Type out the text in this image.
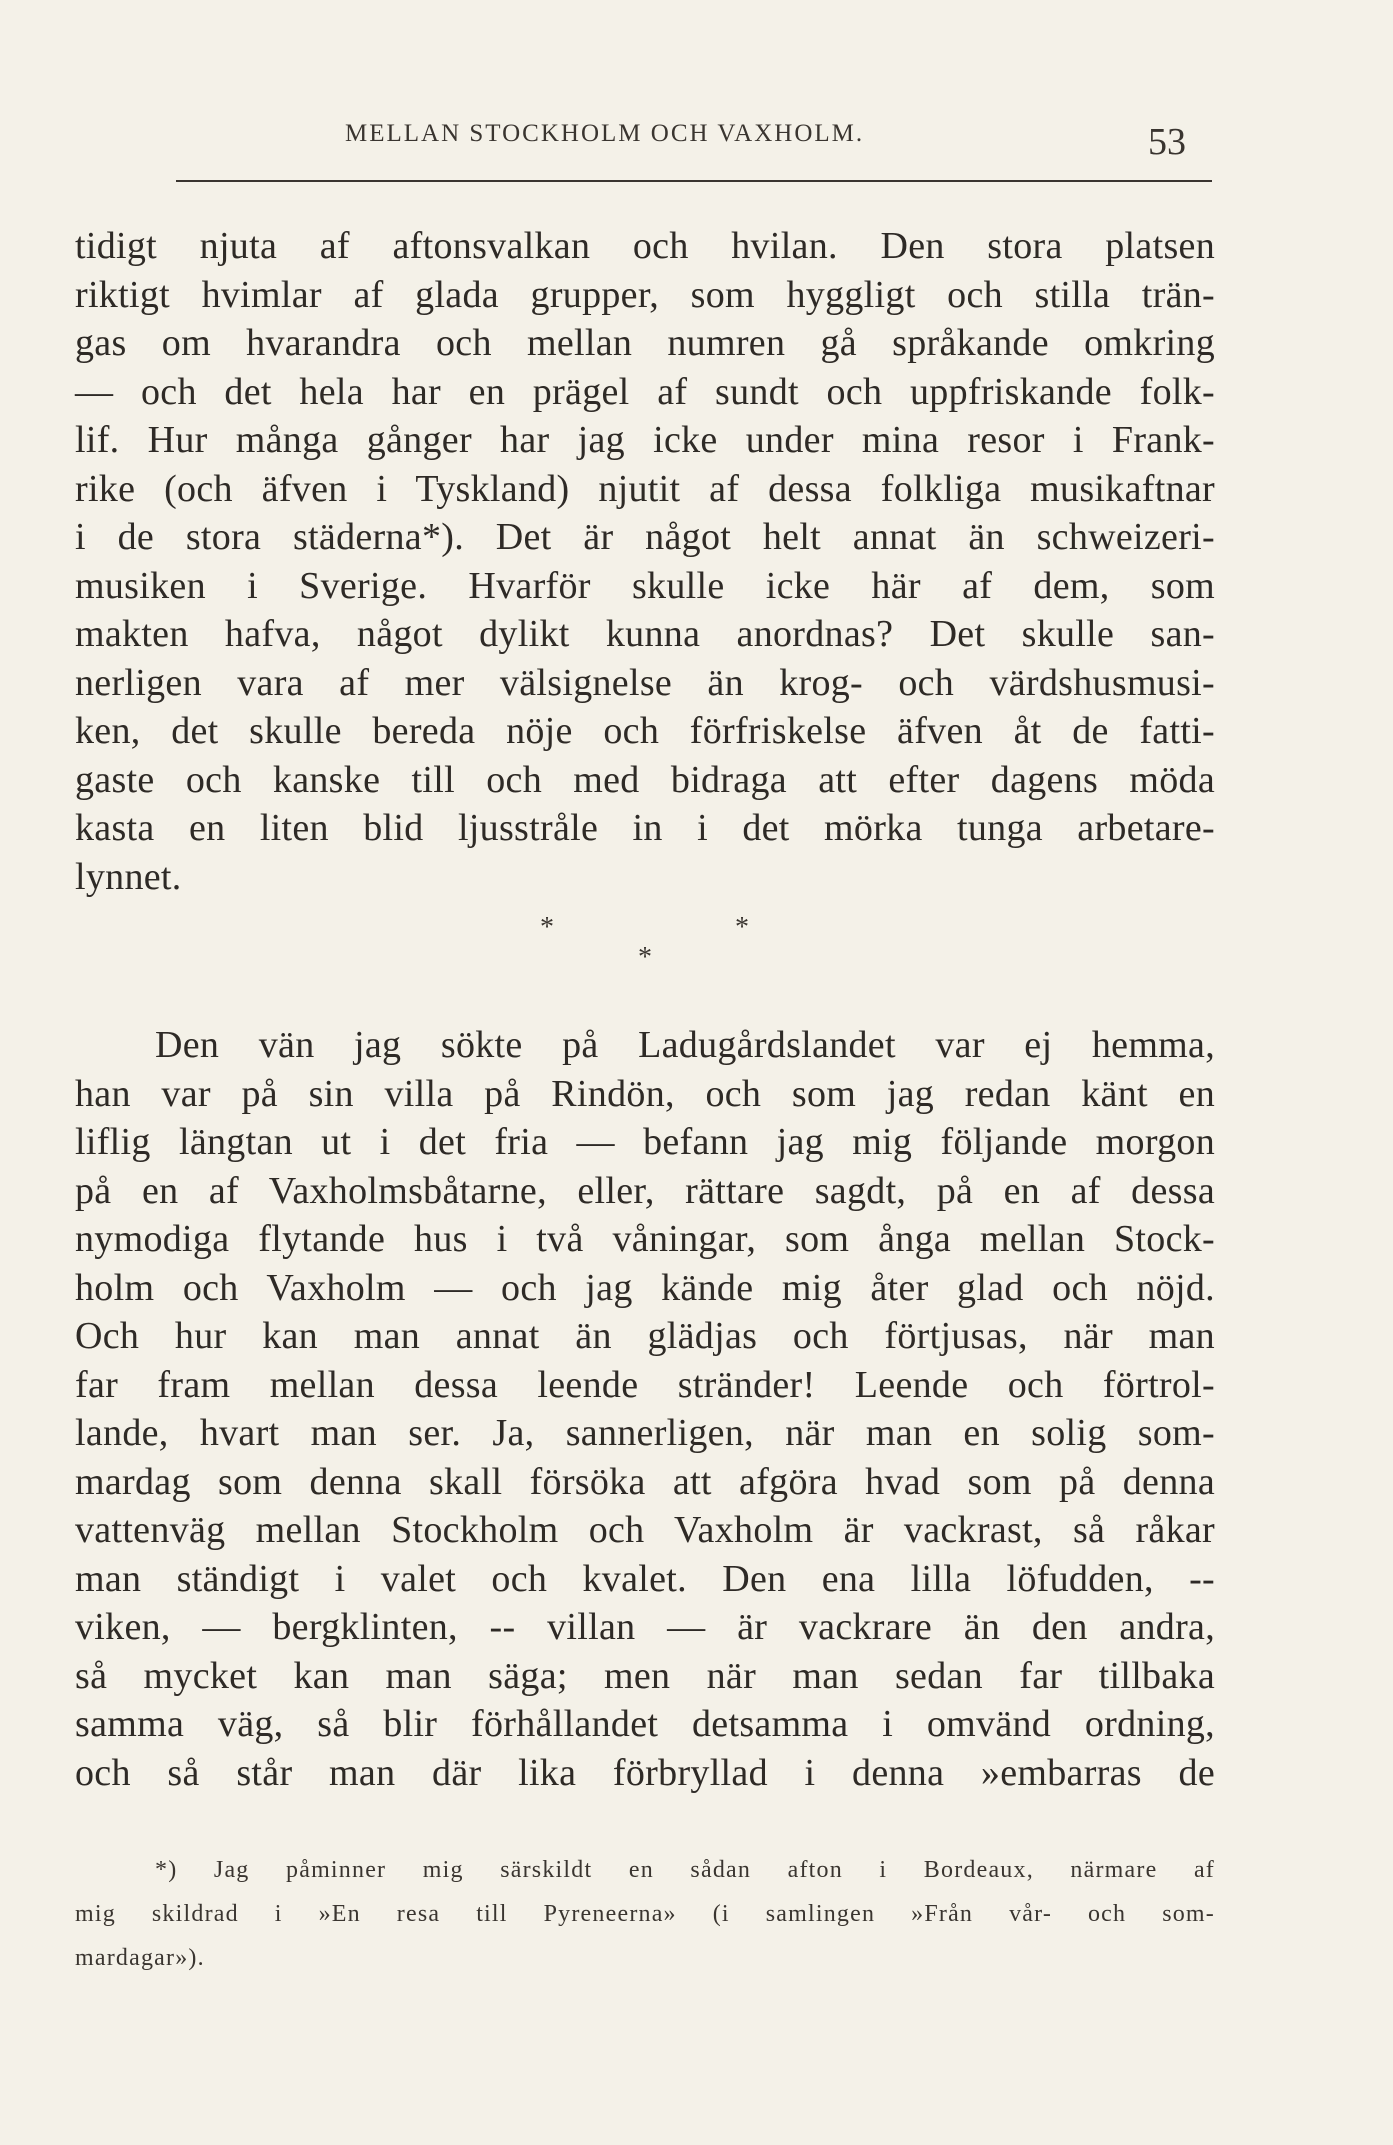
MELLAN STOCKHOLM OCH VAXHOLM.	53
tidigt njuta af aftonsvalkan och hvilan. Den stora platsen
riktigt hvimlar af glada grupper, som hyggligt och stilla trän-
gas om hvarandra och mellan numren gå språkande omkring
— och det hela har en prägel af sundt och uppfriskande folk-
lif. Hur många gånger har jag icke under mina resor i Frank-
rike (och äfven i Tyskland) njutit af dessa folkliga musikaftnar
i de stora städerna*). Det är något helt annat än schweizeri-
musiken i Sverige. Hvarför skulle icke här af dem, som
makten hafva, något dylikt kunna anordnas? Det skulle san-
nerligen vara af mer välsignelse än krog- och värdshusmusi-
ken, det skulle bereda nöje och förfriskelse äfven åt de fatti-
gaste och kanske till och med bidraga att efter dagens möda
kasta en liten blid ljusstråle in i det mörka tunga arbetare-
lynnet.
*	*
*
Den vän jag sökte på Ladugårdslandet var ej hemma,
han var på sin villa på Rindön, och som jag redan känt en
liflig längtan ut i det fria — befann jag mig följande morgon
på en af Vaxholmsbåtarne, eller, rättare sagdt, på en af dessa
nymodiga flytande hus i två våningar, som ånga mellan Stock-
holm och Vaxholm — och jag kände mig åter glad och nöjd.
Och hur kan man annat än glädjas och förtjusas, när man
far fram mellan dessa leende stränder! Leende och förtrol-
lande, hvart man ser. Ja, sannerligen, när man en solig som-
mardag som denna skall försöka att afgöra hvad som på denna
vattenväg mellan Stockholm och Vaxholm är vackrast, så råkar
man ständigt i valet och kvalet. Den ena lilla löfudden, --
viken, — bergklinten, -- villan — är vackrare än den andra,
så mycket kan man säga; men när man sedan far tillbaka
samma väg, så blir förhållandet detsamma i omvänd ordning,
och så står man där lika förbryllad i denna »embarras de
*) Jag påminner mig särskildt en sådan afton i Bordeaux, närmare af
mig skildrad i »En resa till Pyreneerna» (i samlingen »Från vår- och som-
mardagar»).
